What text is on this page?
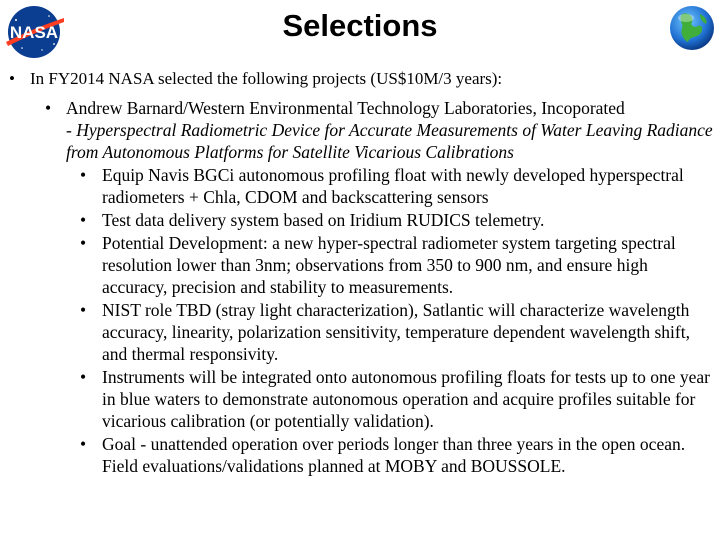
NASA	Selections
• In FY2014 NASA selected the following projects (US$10M/3 years):
• Andrew Barnard/Western Environmental Technology Laboratories, Incoporated
- Hyperspectral Radiometric Device for Accurate Measurements of Water Leaving Radiance from Autonomous Platforms for Satellite Vicarious Calibrations
• Equip Navis BGCi autonomous profiling float with newly developed hyperspectral radiometers + Chla, CDOM and backscattering sensors
• Test data delivery system based on Iridium RUDICS telemetry.
• Potential Development: a new hyper-spectral radiometer system targeting spectral resolution lower than 3nm; observations from 350 to 900 nm, and ensure high accuracy, precision and stability to measurements.
• NIST role TBD (stray light characterization), Satlantic will characterize wavelength accuracy, linearity, polarization sensitivity, temperature dependent wavelength shift, and thermal responsivity.
• Instruments will be integrated onto autonomous profiling floats for tests up to one year in blue waters to demonstrate autonomous operation and acquire profiles suitable for vicarious calibration (or potentially validation).
• Goal - unattended operation over periods longer than three years in the open ocean. Field evaluations/validations planned at MOBY and BOUSSOLE.
